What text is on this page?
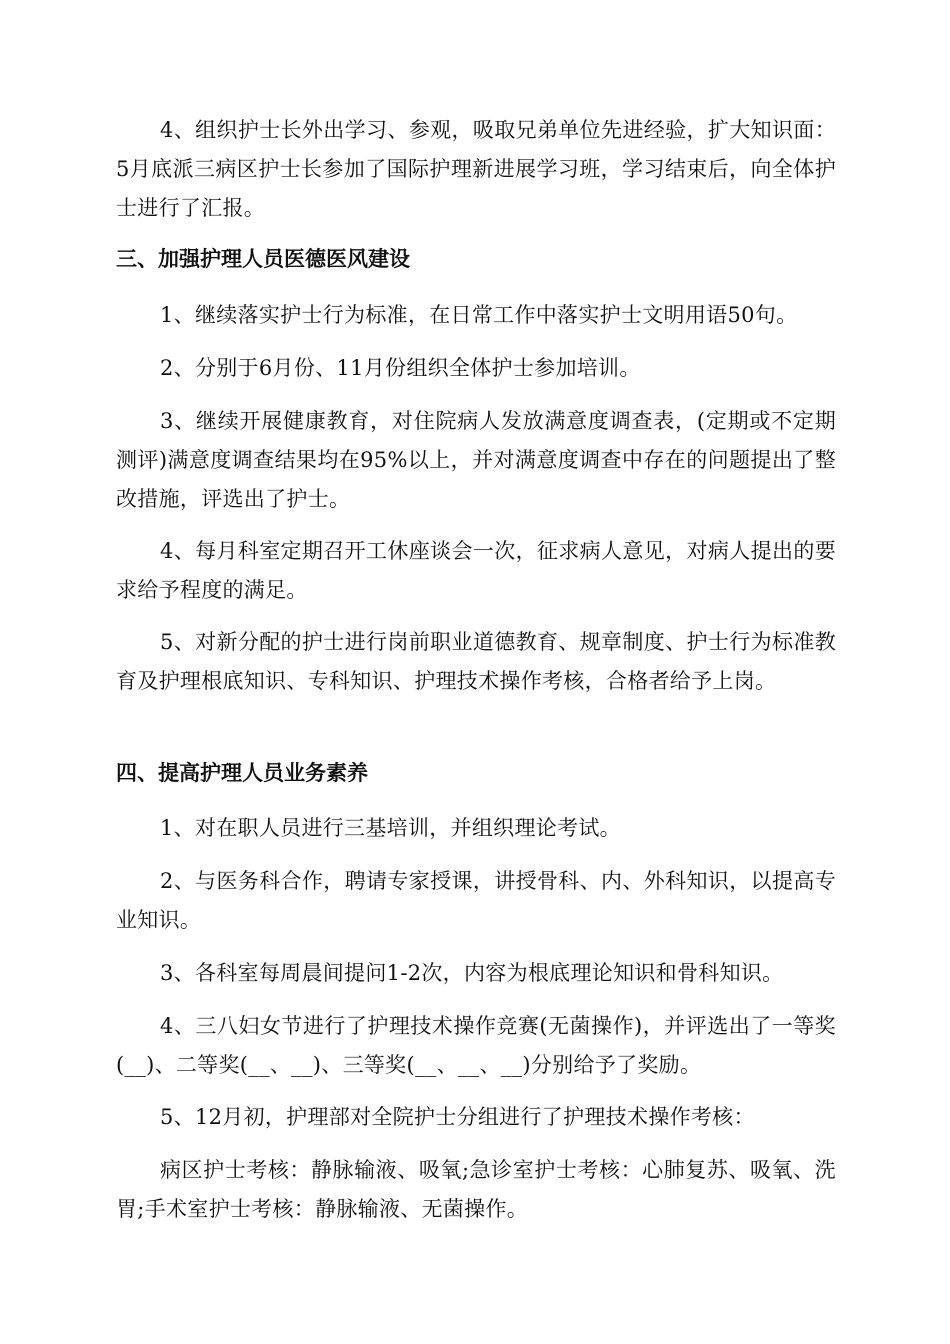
4、组织护士长外出学习、参观，吸取兄弟单位先进经验，扩大知识面：5月底派三病区护士长参加了国际护理新进展学习班，学习结束后，向全体护士进行了汇报。

三、加强护理人员医德医风建设

1、继续落实护士行为标准，在日常工作中落实护士文明用语50句。

2、分别于6月份、11月份组织全体护士参加培训。

3、继续开展健康教育，对住院病人发放满意度调查表，(定期或不定期测评)满意度调查结果均在95%以上，并对满意度调查中存在的问题提出了整改措施，评选出了护士。

4、每月科室定期召开工休座谈会一次，征求病人意见，对病人提出的要求给予程度的满足。

5、对新分配的护士进行岗前职业道德教育、规章制度、护士行为标准教育及护理根底知识、专科知识、护理技术操作考核，合格者给予上岗。

四、提高护理人员业务素养

1、对在职人员进行三基培训，并组织理论考试。

2、与医务科合作，聘请专家授课，讲授骨科、内、外科知识，以提高专业知识。

3、各科室每周晨间提问1-2次，内容为根底理论知识和骨科知识。

4、三八妇女节进行了护理技术操作竞赛(无菌操作)，并评选出了一等奖(__)、二等奖(__、__)、三等奖(__、__、__)分别给予了奖励。

5、12月初，护理部对全院护士分组进行了护理技术操作考核：

病区护士考核：静脉输液、吸氧;急诊室护士考核：心肺复苏、吸氧、洗胃;手术室护士考核：静脉输液、无菌操作。
